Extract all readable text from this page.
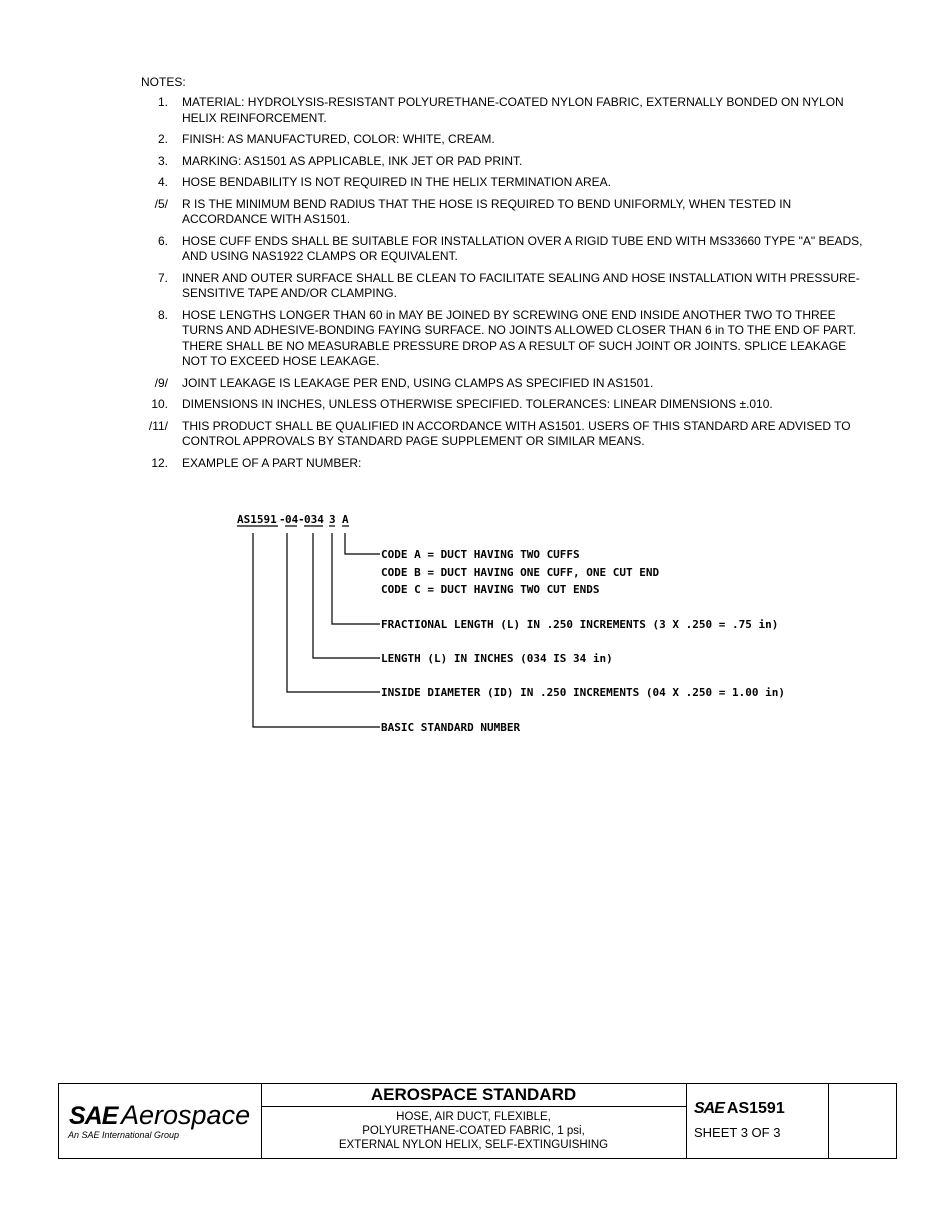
NOTES:
1.	MATERIAL: HYDROLYSIS-RESISTANT POLYURETHANE-COATED NYLON FABRIC, EXTERNALLY BONDED ON NYLON HELIX REINFORCEMENT.
2.	FINISH: AS MANUFACTURED, COLOR: WHITE, CREAM.
3.	MARKING: AS1501 AS APPLICABLE, INK JET OR PAD PRINT.
4.	HOSE BENDABILITY IS NOT REQUIRED IN THE HELIX TERMINATION AREA.
/5/	R IS THE MINIMUM BEND RADIUS THAT THE HOSE IS REQUIRED TO BEND UNIFORMLY, WHEN TESTED IN ACCORDANCE WITH AS1501.
6.	HOSE CUFF ENDS SHALL BE SUITABLE FOR INSTALLATION OVER A RIGID TUBE END WITH MS33660 TYPE "A" BEADS, AND USING NAS1922 CLAMPS OR EQUIVALENT.
7.	INNER AND OUTER SURFACE SHALL BE CLEAN TO FACILITATE SEALING AND HOSE INSTALLATION WITH PRESSURE-SENSITIVE TAPE AND/OR CLAMPING.
8.	HOSE LENGTHS LONGER THAN 60 in MAY BE JOINED BY SCREWING ONE END INSIDE ANOTHER TWO TO THREE TURNS AND ADHESIVE-BONDING FAYING SURFACE. NO JOINTS ALLOWED CLOSER THAN 6 in TO THE END OF PART. THERE SHALL BE NO MEASURABLE PRESSURE DROP AS A RESULT OF SUCH JOINT OR JOINTS. SPLICE LEAKAGE NOT TO EXCEED HOSE LEAKAGE.
/9/	JOINT LEAKAGE IS LEAKAGE PER END, USING CLAMPS AS SPECIFIED IN AS1501.
10.	DIMENSIONS IN INCHES, UNLESS OTHERWISE SPECIFIED. TOLERANCES: LINEAR DIMENSIONS ±.010.
/11/	THIS PRODUCT SHALL BE QUALIFIED IN ACCORDANCE WITH AS1501. USERS OF THIS STANDARD ARE ADVISED TO CONTROL APPROVALS BY STANDARD PAGE SUPPLEMENT OR SIMILAR MEANS.
12.	EXAMPLE OF A PART NUMBER:
AS1591 - 04 - 034 3 A
CODE A = DUCT HAVING TWO CUFFS
CODE B = DUCT HAVING ONE CUFF, ONE CUT END
CODE C = DUCT HAVING TWO CUT ENDS
FRACTIONAL LENGTH (L) IN .250 INCREMENTS (3 X .250 = .75 in)
LENGTH (L) IN INCHES (034 IS 34 in)
INSIDE DIAMETER (ID) IN .250 INCREMENTS (04 X .250 = 1.00 in)
BASIC STANDARD NUMBER
SAE Aerospace
An SAE International Group
AEROSPACE STANDARD
HOSE, AIR DUCT, FLEXIBLE,
POLYURETHANE-COATED FABRIC, 1 psi,
EXTERNAL NYLON HELIX, SELF-EXTINGUISHING
SAE AS1591
SHEET 3 OF 3
